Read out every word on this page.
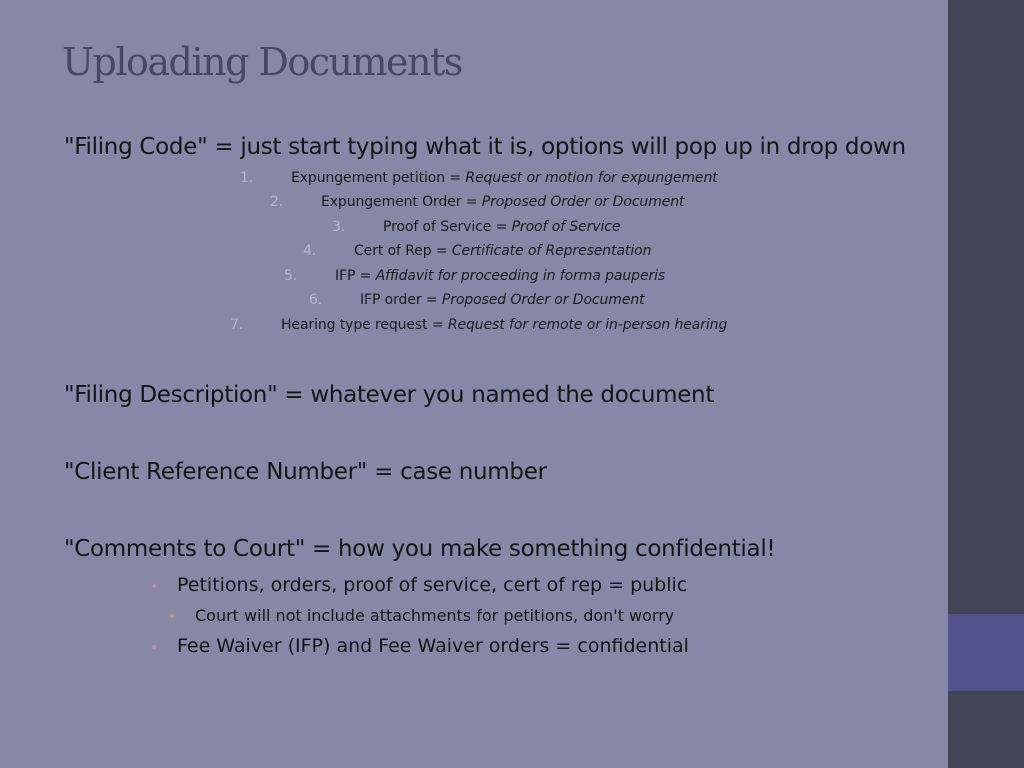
Uploading Documents
"Filing Code" = just start typing what it is, options will pop up in drop down
1.	Expungement petition = Request or motion for expungement
2.	Expungement Order = Proposed Order or Document
3.	Proof of Service = Proof of Service
4.	Cert of Rep = Certificate of Representation
5.	IFP = Affidavit for proceeding in forma pauperis
6.	IFP order = Proposed Order or Document
7.	Hearing type request = Request for remote or in-person hearing
"Filing Description" = whatever you named the document
"Client Reference Number" = case number
"Comments to Court" = how you make something confidential!
• Petitions, orders, proof of service, cert of rep = public
• Court will not include attachments for petitions, don't worry
• Fee Waiver (IFP) and Fee Waiver orders = confidential
